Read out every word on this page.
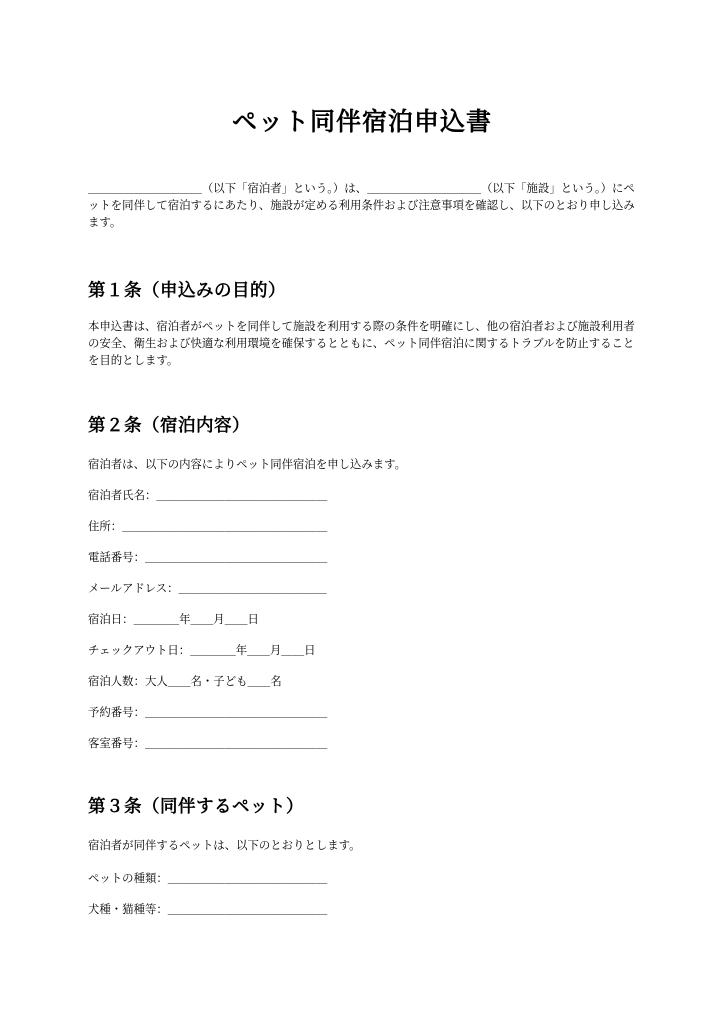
ペット同伴宿泊申込書
＿＿＿＿＿＿＿＿＿＿（以下「宿泊者」という。）は、＿＿＿＿＿＿＿＿＿＿（以下「施設」という。）にペットを同伴して宿泊するにあたり、施設が定める利用条件および注意事項を確認し、以下のとおり申し込みます。
第１条（申込みの目的）
本申込書は、宿泊者がペットを同伴して施設を利用する際の条件を明確にし、他の宿泊者および施設利用者の安全、衛生および快適な利用環境を確保するとともに、ペット同伴宿泊に関するトラブルを防止することを目的とします。
第２条（宿泊内容）
宿泊者は、以下の内容によりペット同伴宿泊を申し込みます。
宿泊者氏名：＿＿＿＿＿＿＿＿＿＿＿＿＿＿＿
住所：＿＿＿＿＿＿＿＿＿＿＿＿＿＿＿＿＿＿
電話番号：＿＿＿＿＿＿＿＿＿＿＿＿＿＿＿＿
メールアドレス：＿＿＿＿＿＿＿＿＿＿＿＿＿
宿泊日：＿＿＿＿年＿＿月＿＿日
チェックアウト日：＿＿＿＿年＿＿月＿＿日
宿泊人数：大人＿＿名・子ども＿＿名
予約番号：＿＿＿＿＿＿＿＿＿＿＿＿＿＿＿＿
客室番号：＿＿＿＿＿＿＿＿＿＿＿＿＿＿＿＿
第３条（同伴するペット）
宿泊者が同伴するペットは、以下のとおりとします。
ペットの種類：＿＿＿＿＿＿＿＿＿＿＿＿＿＿
犬種・猫種等：＿＿＿＿＿＿＿＿＿＿＿＿＿＿
